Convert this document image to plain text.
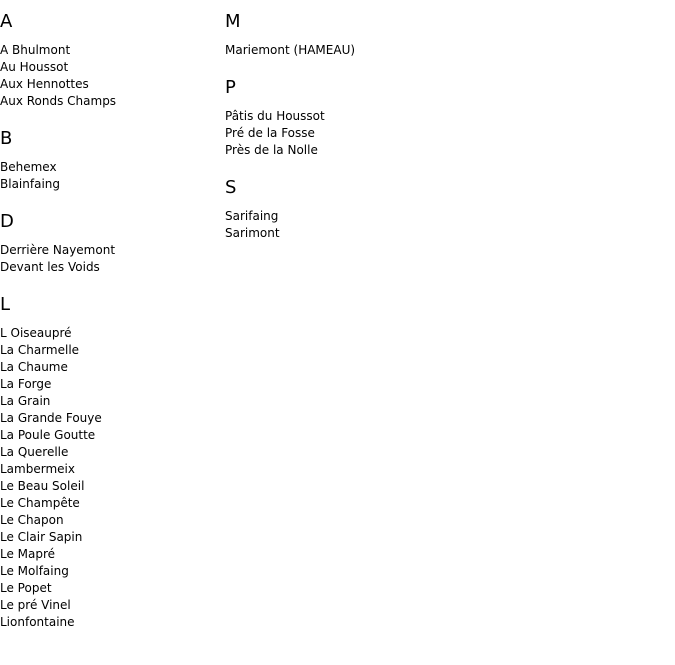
A
A Bhulmont
Au Houssot
Aux Hennottes
Aux Ronds Champs
B
Behemex
Blainfaing
D
Derrière Nayemont
Devant les Voids
L
L Oiseaupré
La Charmelle
La Chaume
La Forge
La Grain
La Grande Fouye
La Poule Goutte
La Querelle
Lambermeix
Le Beau Soleil
Le Champête
Le Chapon
Le Clair Sapin
Le Mapré
Le Molfaing
Le Popet
Le pré Vinel
Lionfontaine
M
Mariemont (HAMEAU)
P
Pâtis du Houssot
Pré de la Fosse
Près de la Nolle
S
Sarifaing
Sarimont
